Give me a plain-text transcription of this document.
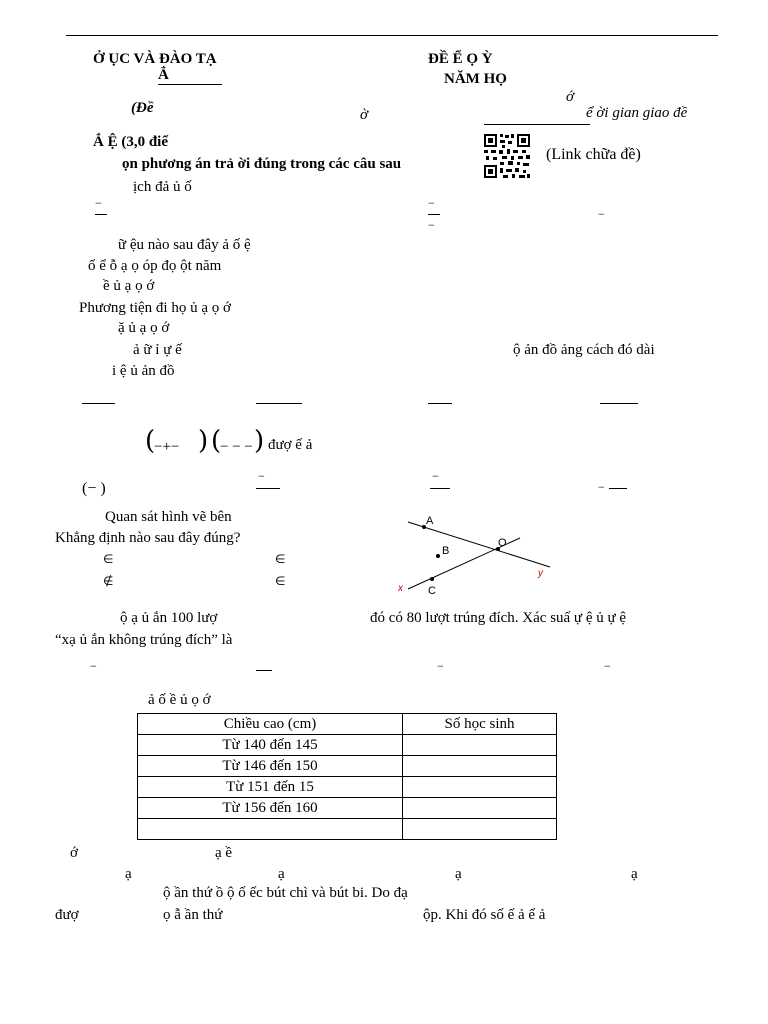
Ở ỤC VÀ ĐÀO TẠ
Ắ
ĐỀ Ể Ọ Ỳ
NĂM HỌ
(Đề	ờ
ớ
ể ời gian giao đề
Ắ Ệ (3,0 điể
ọn phương án trả ời đúng trong các câu sau
(Link chữa đề)
ịch đả ủ ố
−	−
−
−
ữ ệu nào sau đây ả ố ệ
ố ể ỗ ạ ọ óp đọ ột năm
ề ủ ạ ọ ớ
Phương tiện đi họ ủ ạ ọ ớ
ặ ủ ạ ọ ớ
ả ữ ỉ ự ế	ộ ản đồ ảng cách đó dài
i ệ ủ ản đồ
(
−+− ) (
− − − ) đượ ế ả
(− )
−	−
−
Quan sát hình vẽ bên
Khẳng định nào sau đây đúng?
∈	∈
∉	∈
A
B
O
y
x C
ộ ạ ủ ắn 100 lượ	đó có 80 lượt trúng đích. Xác suấ ự ệ ủ ự ệ
“xạ ủ ắn không trúng đích” là
−	−	−
ả ố ề ủ ọ ớ
Chiều cao (cm)	Số học sinh
Từ 140 đến 145	
Từ 146 đến 150	
Từ 151 đến 15	
Từ 156 đến 160	

ớ	ạ ề
ạ	ạ	ạ	ạ
ộ ần thứ ồ ộ ố ếc bút chì và bút bi. Do đạ
đượ	ọ ẫ ần thứ	ộp. Khi đó số ế ả ể ả
